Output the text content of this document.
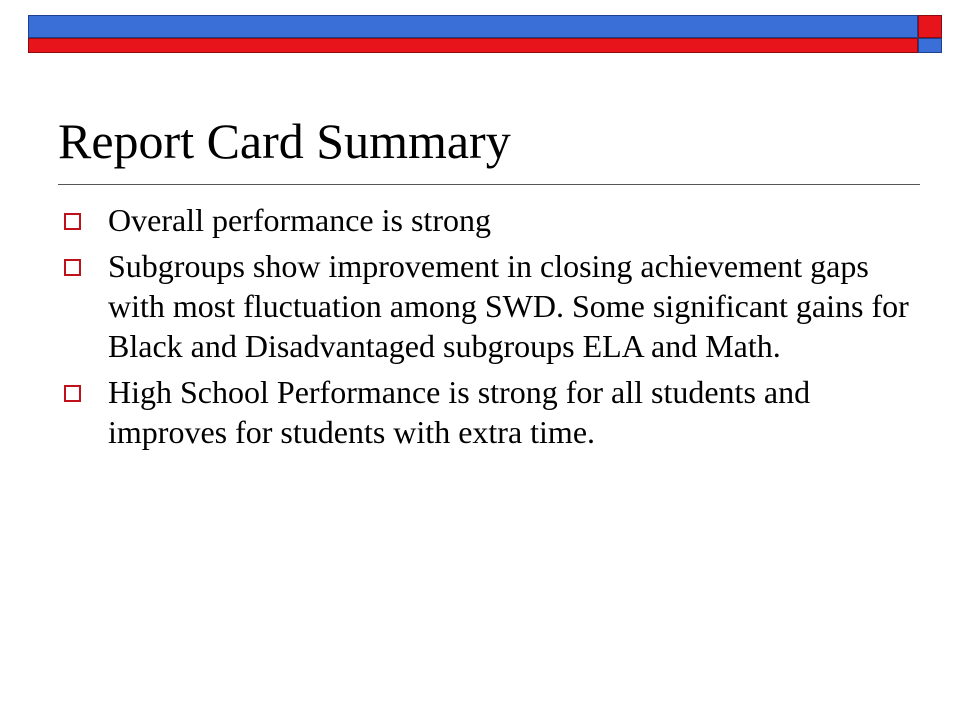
Report Card Summary
Overall performance is strong
Subgroups show improvement in closing achievement gaps with most fluctuation among SWD. Some significant gains for Black and Disadvantaged subgroups ELA and Math.
High School Performance is strong for all students and improves for students with extra time.
